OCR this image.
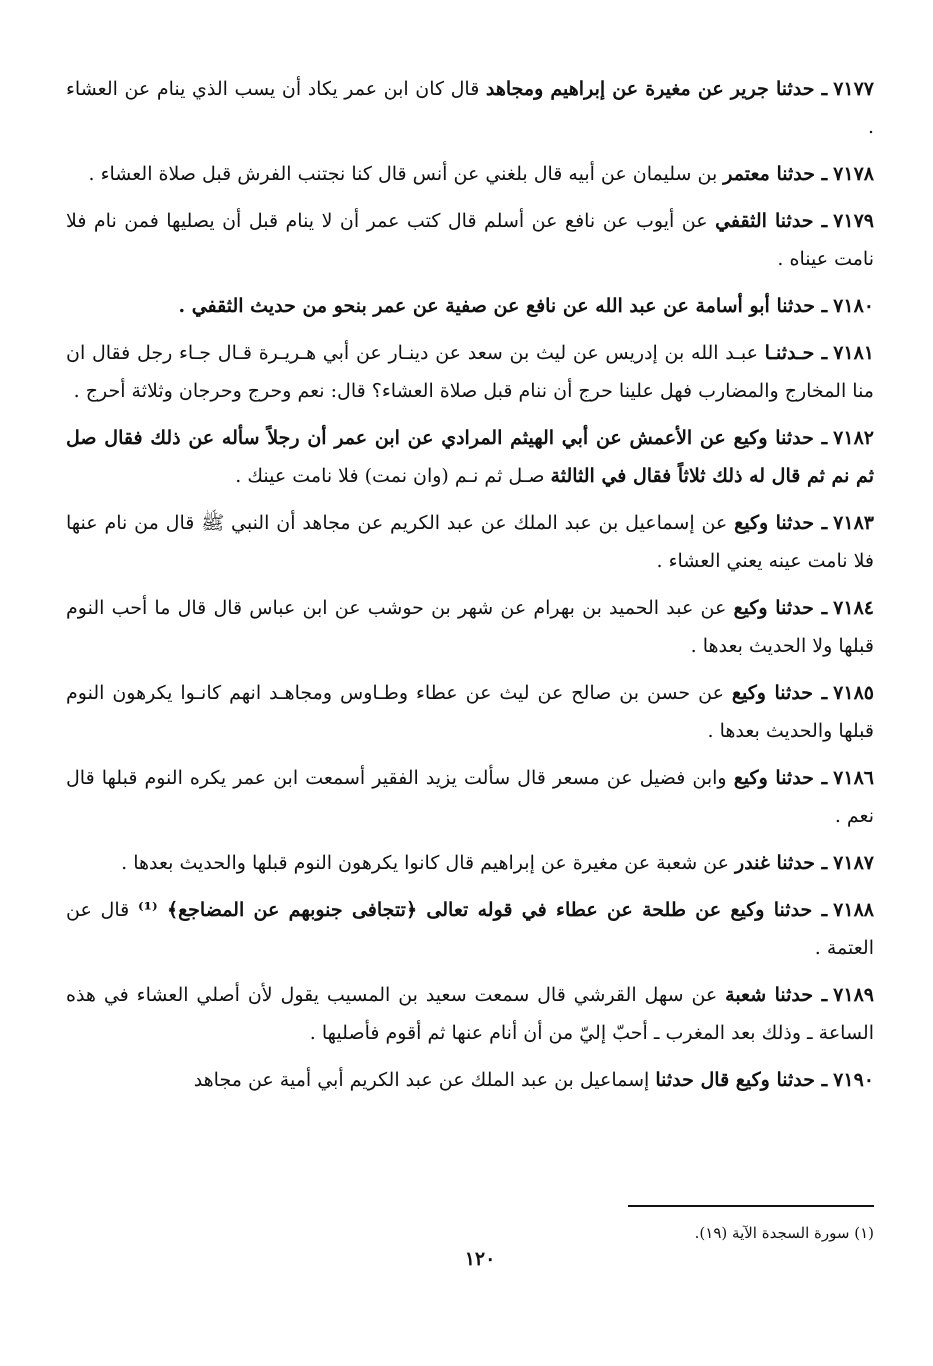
٧١٧٧ـ حدثنا جرير عن مغيرة عن إبراهيم ومجاهد قال كان ابن عمر يكاد أن يسب الذي ينام عن العشاء .

٧١٧٨ـ حدثنا معتمر بن سليمان عن أبيه قال بلغني عن أنس قال كنا نجتنب الفرش قبل صلاة العشاء .

٧١٧٩ـ حدثنا الثقفي عن أيوب عن نافع عن أسلم قال كتب عمر أن لا ينام قبل أن يصليها فمن نام فلا نامت عيناه .

٧١٨٠ـ حدثنا أبو أسامة عن عبد الله عن نافع عن صفية عن عمر بنحو من حديث الثقفي .

٧١٨١ـ حـدثنـا عبـد الله بن إدريس عن ليث بن سعد عن دينـار عن أبي هـريـرة قـال جـاء رجل فقال ان منا المخارج والمضارب فهل علينا حرج أن ننام قبل صلاة العشاء؟ قال: نعم وحرج وحرجان وثلاثة أحرج .

٧١٨٢ـ حدثنا وكيع عن الأعمش عن أبي الهيثم المرادي عن ابن عمر أن رجلاً سأله عن ذلك فقال صل ثم نم ثم قال له ذلك ثلاثاً فقال في الثالثة صـل ثم نـم (وان نمت) فلا نامت عينك .

٧١٨٣ـ حدثنا وكيع عن إسماعيل بن عبد الملك عن عبد الكريم عن مجاهد أن النبي ﷺ قال من نام عنها فلا نامت عينه يعني العشاء .

٧١٨٤ـ حدثنا وكيع عن عبد الحميد بن بهرام عن شهر بن حوشب عن ابن عباس قال قال ما أحب النوم قبلها ولا الحديث بعدها .

٧١٨٥ـ حدثنا وكيع عن حسن بن صالح عن ليث عن عطاء وطـاوس ومجاهـد انهم كانـوا يكرهون النوم قبلها والحديث بعدها .

٧١٨٦ـ حدثنا وكيع وابن فضيل عن مسعر قال سألت يزيد الفقير أسمعت ابن عمر يكره النوم قبلها قال نعم .

٧١٨٧ـ حدثنا غندر عن شعبة عن مغيرة عن إبراهيم قال كانوا يكرهون النوم قبلها والحديث بعدها .

٧١٨٨ـ حدثنا وكيع عن طلحة عن عطاء في قوله تعالى ﴿تتجافى جنوبهم عن المضاجع﴾ ⁽¹⁾ قال عن العتمة .

٧١٨٩ـ حدثنا شعبة عن سهل القرشي قال سمعت سعيد بن المسيب يقول لأن أصلي العشاء في هذه الساعة ـ وذلك بعد المغرب ـ أحبّ إليّ من أن أنام عنها ثم أقوم فأصليها .

٧١٩٠ـ حدثنا وكيع قال حدثنا إسماعيل بن عبد الملك عن عبد الكريم أبي أمية عن مجاهد

(١) سورة السجدة الآية (١٩).
١٢٠
